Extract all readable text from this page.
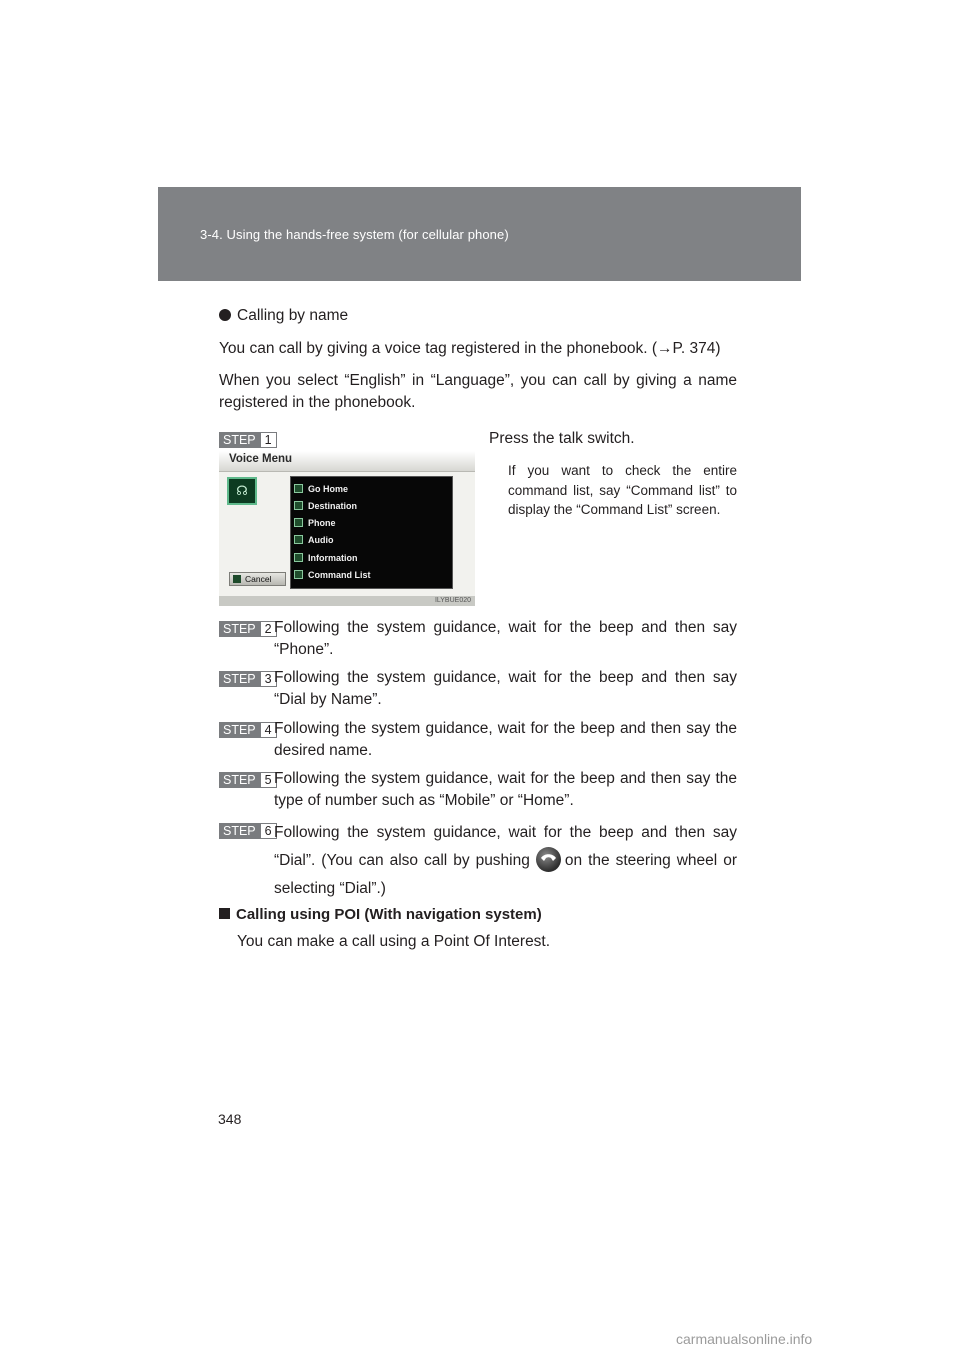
3-4. Using the hands-free system (for cellular phone)
Calling by name
You can call by giving a voice tag registered in the phonebook. (→P. 374)
When you select “English” in “Language”, you can call by giving a name registered in the phonebook.
STEP 1	Press the talk switch.
If you want to check the entire command list, say “Command list” to display the “Command List” screen.
Voice Menu
☊	Go Home
Destination
Phone
Audio
Information
Command List
Cancel
ILYBUE020
STEP 2 Following the system guidance, wait for the beep and then say “Phone”.
STEP 3 Following the system guidance, wait for the beep and then say “Dial by Name”.
STEP 4 Following the system guidance, wait for the beep and then say the desired name.
STEP 5 Following the system guidance, wait for the beep and then say the type of number such as “Mobile” or “Home”.
STEP 6 Following the system guidance, wait for the beep and then say “Dial”. (You can also call by pushing on the steering wheel or selecting “Dial”.)
Calling using POI (With navigation system)
You can make a call using a Point Of Interest.
348
carmanualsonline.info
